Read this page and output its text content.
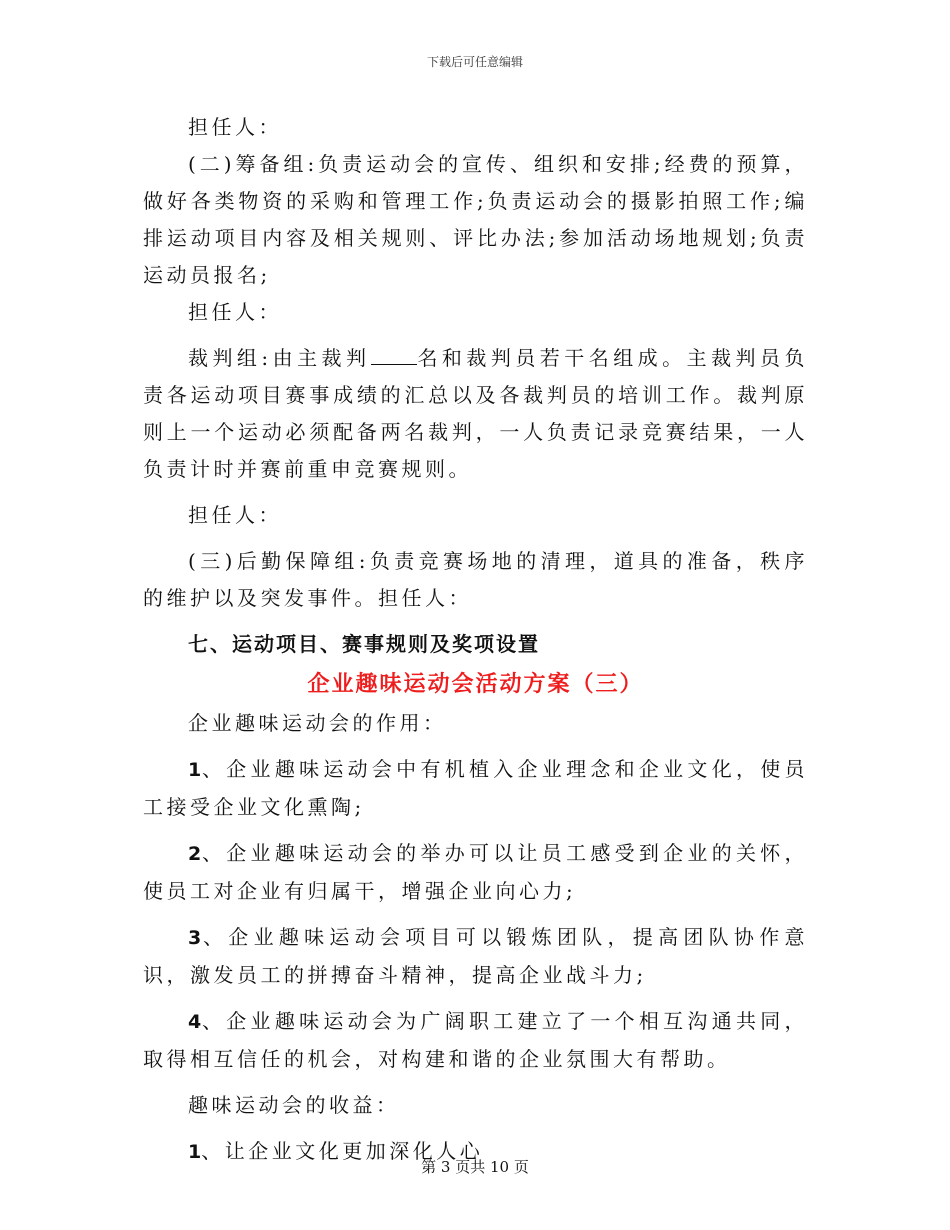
下载后可任意编辑

担任人：

(二)筹备组:负责运动会的宣传、组织和安排;经费的预算，做好各类物资的采购和管理工作;负责运动会的摄影拍照工作;编排运动项目内容及相关规则、评比办法;参加活动场地规划;负责运动员报名;

担任人：

裁判组:由主裁判 名和裁判员若干名组成。主裁判员负责各运动项目赛事成绩的汇总以及各裁判员的培训工作。裁判原则上一个运动必须配备两名裁判，一人负责记录竞赛结果，一人负责计时并赛前重申竞赛规则。

担任人：

(三)后勤保障组:负责竞赛场地的清理，道具的准备，秩序的维护以及突发事件。担任人：

七、运动项目、赛事规则及奖项设置

企业趣味运动会活动方案（三）

企业趣味运动会的作用：

1、企业趣味运动会中有机植入企业理念和企业文化，使员工接受企业文化熏陶;

2、企业趣味运动会的举办可以让员工感受到企业的关怀，使员工对企业有归属干，增强企业向心力;

3、企业趣味运动会项目可以锻炼团队，提高团队协作意识，激发员工的拼搏奋斗精神，提高企业战斗力;

4、企业趣味运动会为广阔职工建立了一个相互沟通共同，取得相互信任的机会，对构建和谐的企业氛围大有帮助。

趣味运动会的收益：

1、让企业文化更加深化人心

第 3 页共 10 页
